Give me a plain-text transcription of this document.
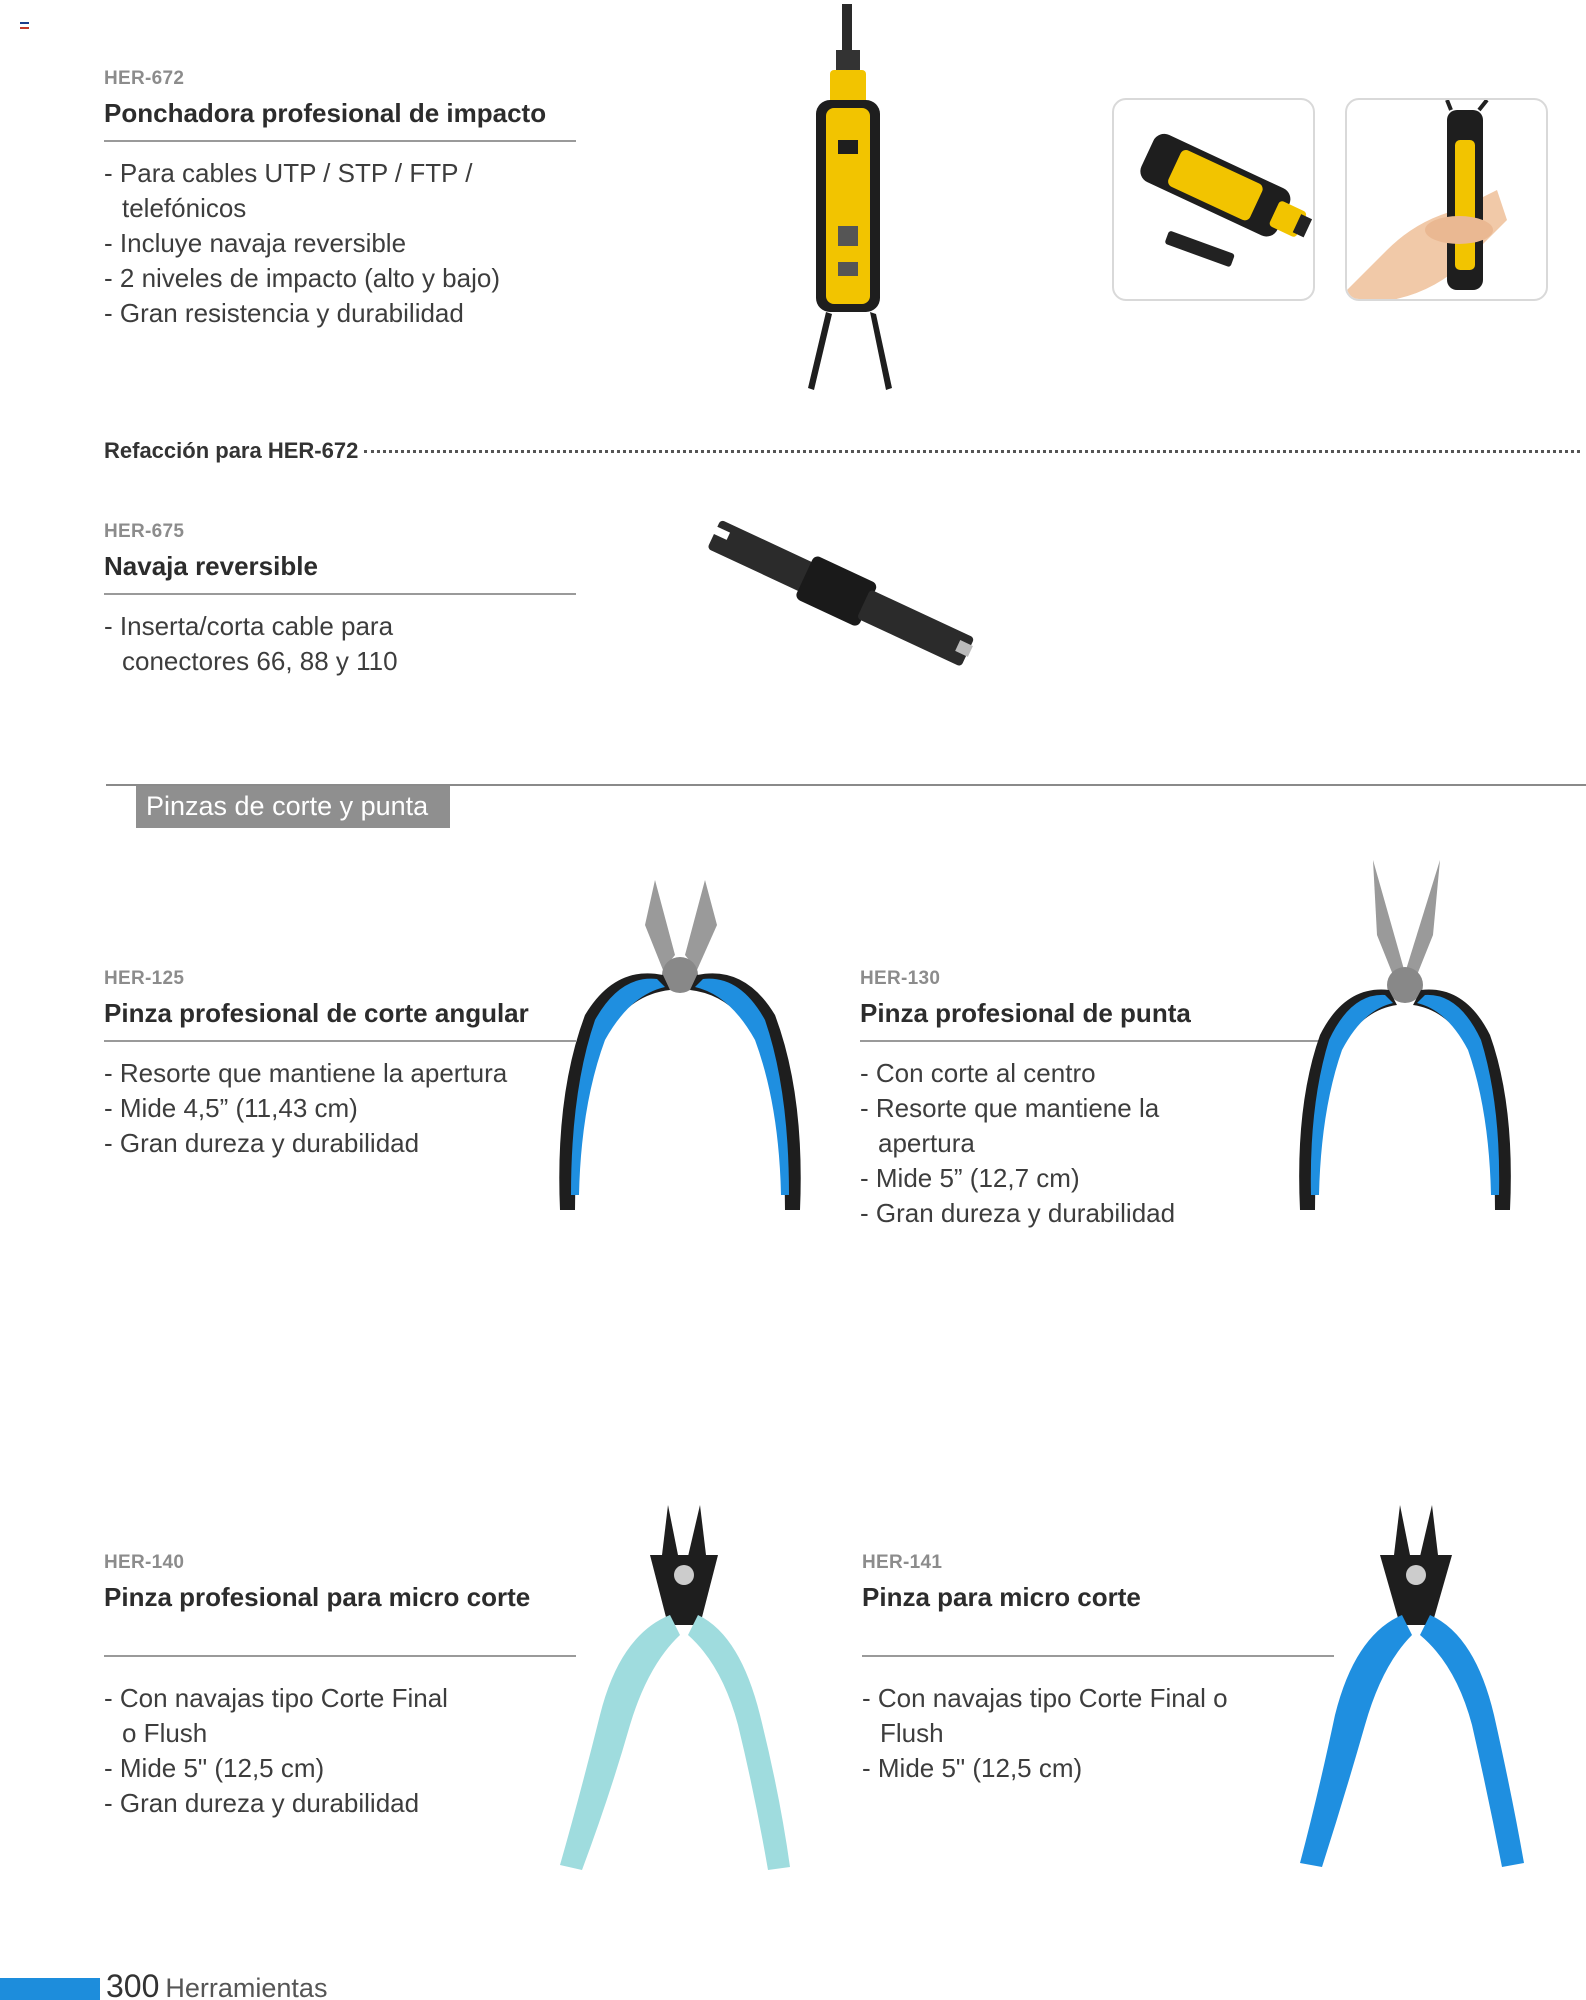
HER-672
Ponchadora profesional de impacto
- Para cables UTP / STP / FTP / telefónicos
- Incluye navaja reversible
- 2 niveles de impacto (alto y bajo)
- Gran resistencia y durabilidad
Refacción para HER-672
HER-675
Navaja reversible
- Inserta/corta cable para conectores 66, 88 y 110
Pinzas de corte y punta
HER-125
Pinza profesional de corte angular
- Resorte que mantiene la apertura
- Mide 4,5” (11,43 cm)
- Gran dureza y durabilidad
HER-130
Pinza profesional de punta
- Con corte al centro
- Resorte que mantiene la apertura
- Mide 5” (12,7 cm)
- Gran dureza y durabilidad
HER-140
Pinza profesional para micro corte
- Con navajas tipo Corte Final o Flush
- Mide 5" (12,5 cm)
- Gran dureza y durabilidad
HER-141
Pinza para micro corte
- Con navajas tipo Corte Final o Flush
- Mide 5" (12,5 cm)
300 Herramientas
